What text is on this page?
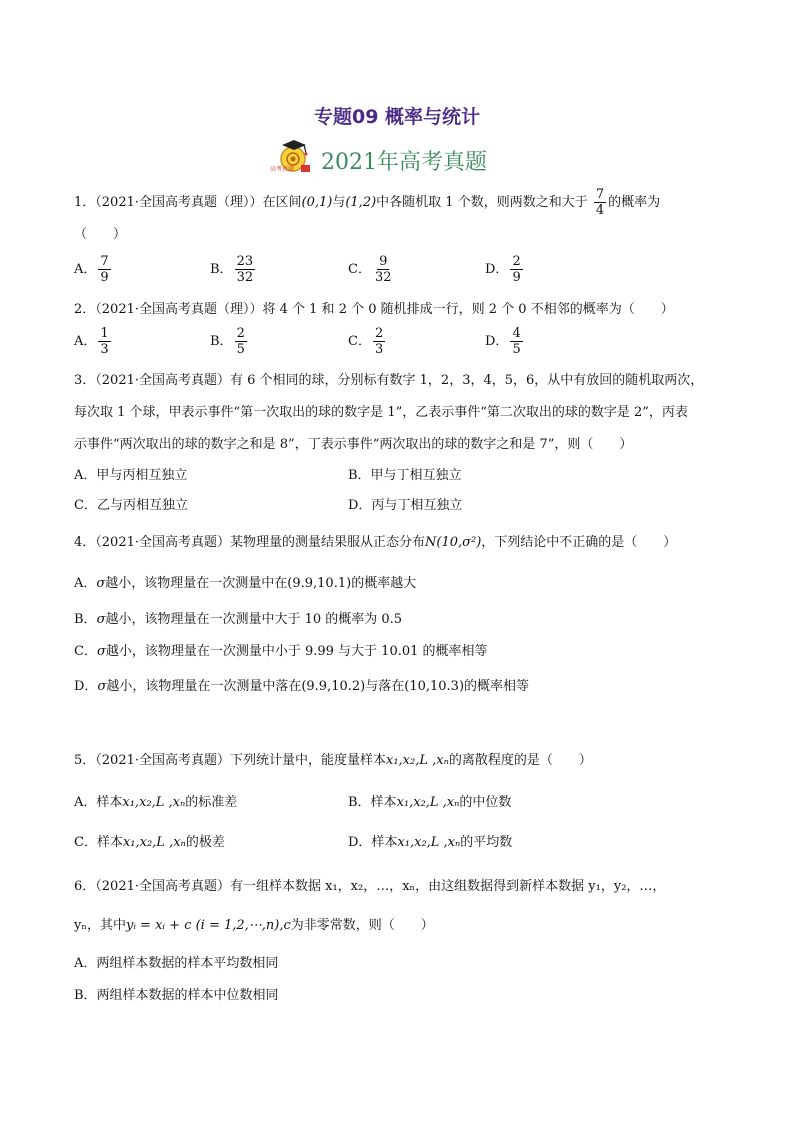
专题09 概率与统计
高考真题 2021年高考真题
1．（2021·全国高考真题（理））在区间(0,1)与(1,2)中各随机取 1 个数，则两数之和大于 $\frac{7}{4}$ 的概率为
（　　）
A． $\frac{7}{9}$	B． $\frac{23}{32}$	C． $\frac{9}{32}$	D． $\frac{2}{9}$
2．（2021·全国高考真题（理））将 4 个 1 和 2 个 0 随机排成一行，则 2 个 0 不相邻的概率为（　　）
A． $\frac{1}{3}$	B． $\frac{2}{5}$	C． $\frac{2}{3}$	D． $\frac{4}{5}$
3．（2021·全国高考真题）有 6 个相同的球，分别标有数字 1，2，3，4，5，6，从中有放回的随机取两次，
每次取 1 个球，甲表示事件“第一次取出的球的数字是 1”，乙表示事件“第二次取出的球的数字是 2”，丙表
示事件“两次取出的球的数字之和是 8”，丁表示事件“两次取出的球的数字之和是 7”，则（　　）
A．甲与丙相互独立	B．甲与丁相互独立
C．乙与丙相互独立	D．丙与丁相互独立
4．（2021·全国高考真题）某物理量的测量结果服从正态分布N(10,σ²)，下列结论中不正确的是（　　）
A．σ越小，该物理量在一次测量中在(9.9,10.1)的概率越大
B．σ越小，该物理量在一次测量中大于 10 的概率为 0.5
C．σ越小，该物理量在一次测量中小于 9.99 与大于 10.01 的概率相等
D．σ越小，该物理量在一次测量中落在(9.9,10.2)与落在(10,10.3)的概率相等
5．（2021·全国高考真题）下列统计量中，能度量样本x₁,x₂,L ,xₙ的离散程度的是（　　）
A．样本x₁,x₂,L ,xₙ的标准差	B．样本x₁,x₂,L ,xₙ的中位数
C．样本x₁,x₂,L ,xₙ的极差	D．样本x₁,x₂,L ,xₙ的平均数
6．（2021·全国高考真题）有一组样本数据 x₁，x₂，…，xₙ，由这组数据得到新样本数据 y₁，y₂，…，
yₙ，其中yᵢ = xᵢ + c (i = 1,2,⋯,n),c为非零常数，则（　　）
A．两组样本数据的样本平均数相同
B．两组样本数据的样本中位数相同
